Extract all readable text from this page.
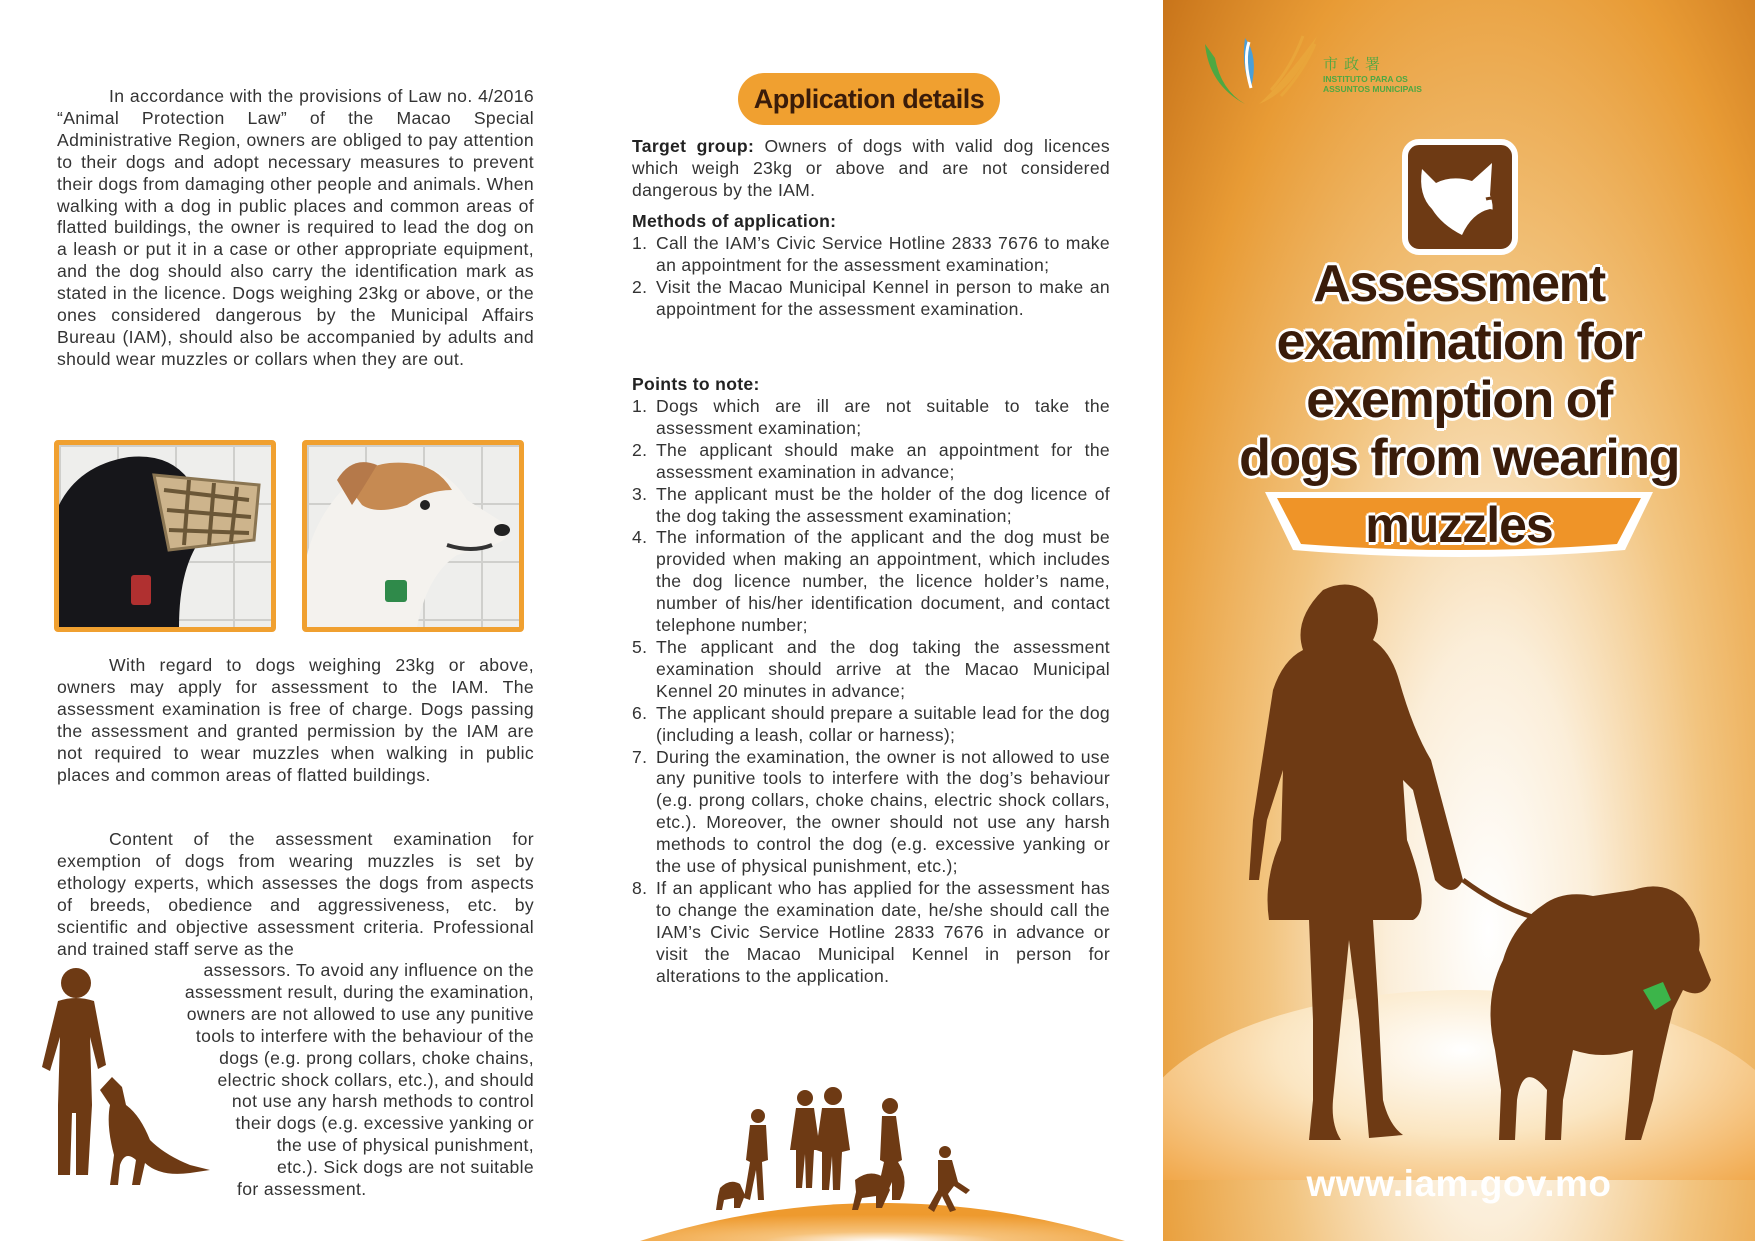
In accordance with the provisions of Law no. 4/2016 “Animal Protection Law” of the Macao Special Administrative Region, owners are obliged to pay attention to their dogs and adopt necessary measures to prevent their dogs from damaging other people and animals. When walking with a dog in public places and common areas of flatted buildings, the owner is required to lead the dog on a leash or put it in a case or other appropriate equipment, and the dog should also carry the identification mark as stated in the licence. Dogs weighing 23kg or above, or the ones considered dangerous by the Municipal Affairs Bureau (IAM), should also be accompanied by adults and should wear muzzles or collars when they are out.

With regard to dogs weighing 23kg or above, owners may apply for assessment to the IAM. The assessment examination is free of charge. Dogs passing the assessment and granted permission by the IAM are not required to wear muzzles when walking in public places and common areas of flatted buildings.

Content of the assessment examination for exemption of dogs from wearing muzzles is set by ethology experts, which assesses the dogs from aspects of breeds, obedience and aggressiveness, etc. by scientific and objective assessment criteria. Professional and trained staff serve as the

assessors. To avoid any influence on the
assessment result, during the examination,
owners are not allowed to use any punitive
tools to interfere with the behaviour of the
dogs (e.g. prong collars, choke chains,
electric shock collars, etc.), and should
not use any harsh methods to control
their dogs (e.g. excessive yanking or
the use of physical punishment,
etc.). Sick dogs are not suitable
for assessment.
Application details

Target group: Owners of dogs with valid dog licences which weigh 23kg or above and are not considered dangerous by the IAM.

Methods of application:
1. Call the IAM’s Civic Service Hotline 2833 7676 to make an appointment for the assessment examination;
2. Visit the Macao Municipal Kennel in person to make an appointment for the assessment examination.
Points to note:
1. Dogs which are ill are not suitable to take the assessment examination;
2. The applicant should make an appointment for the assessment examination in advance;
3. The applicant must be the holder of the dog licence of the dog taking the assessment examination;
4. The information of the applicant and the dog must be provided when making an appointment, which includes the dog licence number, the licence holder’s name, number of his/her identification document, and contact telephone number;
5. The applicant and the dog taking the assessment examination should arrive at the Macao Municipal Kennel 20 minutes in advance;
6. The applicant should prepare a suitable lead for the dog (including a leash, collar or harness);
7. During the examination, the owner is not allowed to use any punitive tools to interfere with the dog’s behaviour (e.g. prong collars, choke chains, electric shock collars, etc.). Moreover, the owner should not use any harsh methods to control the dog (e.g. excessive yanking or the use of physical punishment, etc.);
8. If an applicant who has applied for the assessment has to change the examination date, he/she should call the IAM’s Civic Service Hotline 2833 7676 in advance or visit the Macao Municipal Kennel in person for alterations to the application.
市政署
INSTITUTO PARA OS
ASSUNTOS MUNICIPAIS
Assessment
examination for
exemption of
dogs from wearing
muzzles
www.iam.gov.mo
